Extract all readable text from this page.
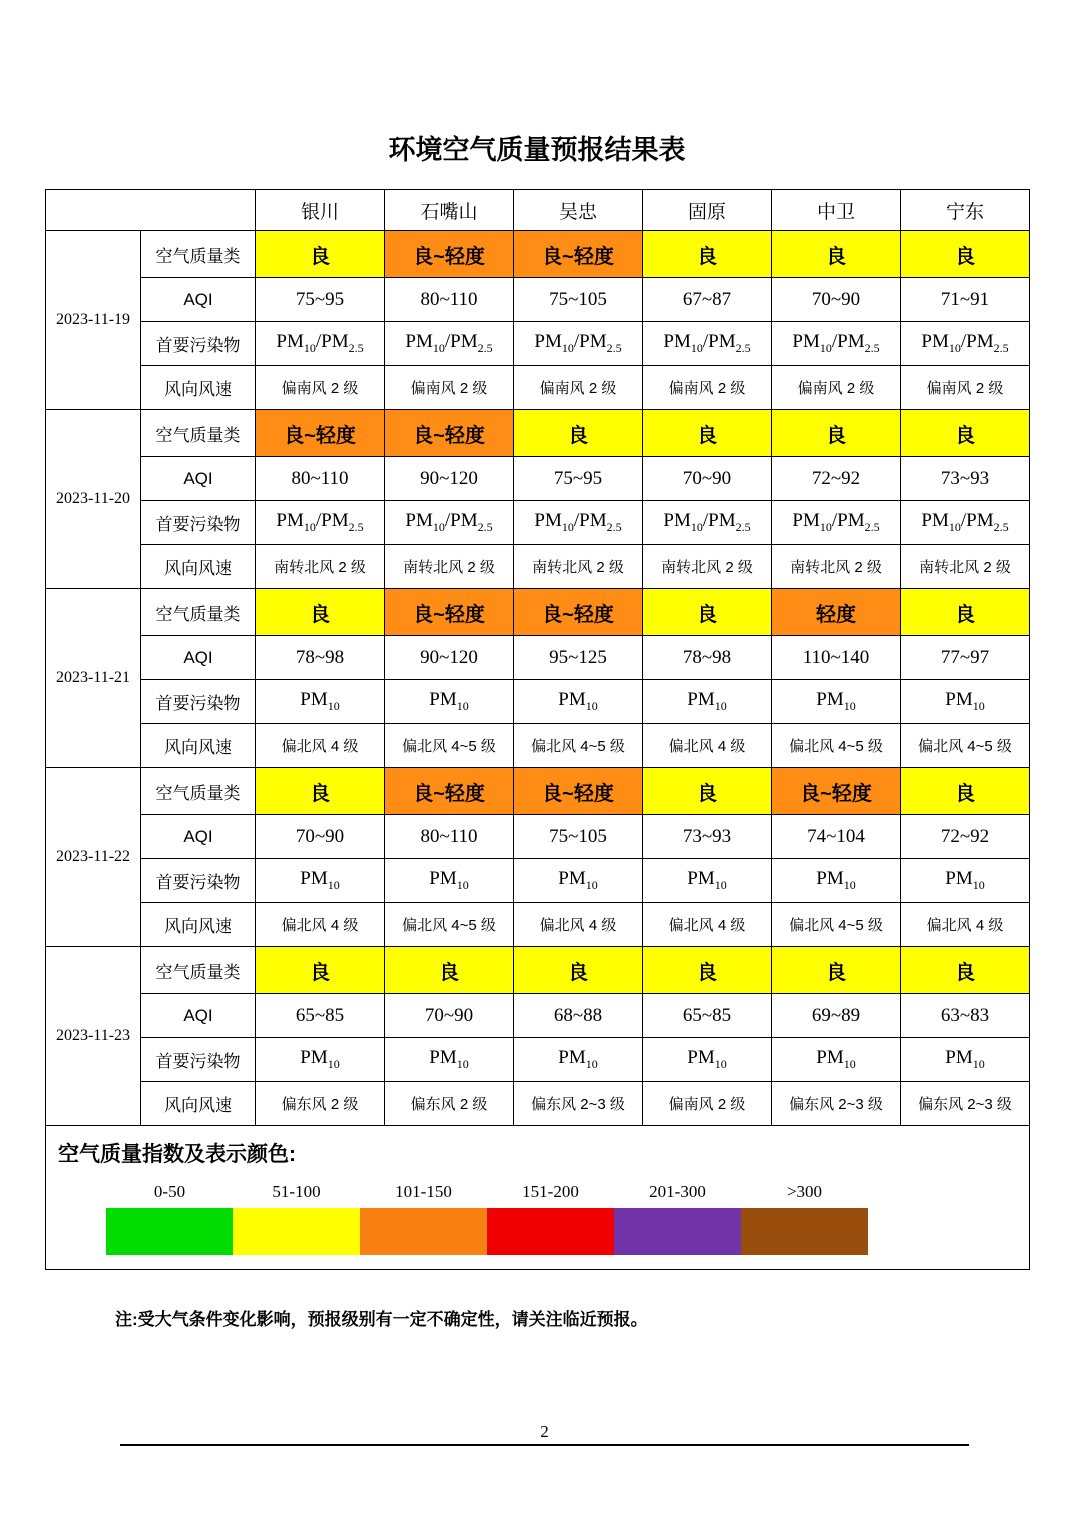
环境空气质量预报结果表
		银川	石嘴山	吴忠	固原	中卫	宁东
2023-11-19	空气质量类	良	良~轻度	良~轻度	良	良	良
	AQI	75~95	80~110	75~105	67~87	70~90	71~91
	首要污染物	$PM_{10}/PM_{2.5}$	$PM_{10}/PM_{2.5}$	$PM_{10}/PM_{2.5}$	$PM_{10}/PM_{2.5}$	$PM_{10}/PM_{2.5}$	$PM_{10}/PM_{2.5}$
	风向风速	偏南风 2 级	偏南风 2 级	偏南风 2 级	偏南风 2 级	偏南风 2 级	偏南风 2 级
2023-11-20	空气质量类	良~轻度	良~轻度	良	良	良	良
	AQI	80~110	90~120	75~95	70~90	72~92	73~93
	首要污染物	$PM_{10}/PM_{2.5}$	$PM_{10}/PM_{2.5}$	$PM_{10}/PM_{2.5}$	$PM_{10}/PM_{2.5}$	$PM_{10}/PM_{2.5}$	$PM_{10}/PM_{2.5}$
	风向风速	南转北风 2 级	南转北风 2 级	南转北风 2 级	南转北风 2 级	南转北风 2 级	南转北风 2 级
2023-11-21	空气质量类	良	良~轻度	良~轻度	良	轻度	良
	AQI	78~98	90~120	95~125	78~98	110~140	77~97
	首要污染物	$PM_{10}$	$PM_{10}$	$PM_{10}$	$PM_{10}$	$PM_{10}$	$PM_{10}$
	风向风速	偏北风 4 级	偏北风 4~5 级	偏北风 4~5 级	偏北风 4 级	偏北风 4~5 级	偏北风 4~5 级
2023-11-22	空气质量类	良	良~轻度	良~轻度	良	良~轻度	良
	AQI	70~90	80~110	75~105	73~93	74~104	72~92
	首要污染物	$PM_{10}$	$PM_{10}$	$PM_{10}$	$PM_{10}$	$PM_{10}$	$PM_{10}$
	风向风速	偏北风 4 级	偏北风 4~5 级	偏北风 4 级	偏北风 4 级	偏北风 4~5 级	偏北风 4 级
2023-11-23	空气质量类	良	良	良	良	良	良
	AQI	65~85	70~90	68~88	65~85	69~89	63~83
	首要污染物	$PM_{10}$	$PM_{10}$	$PM_{10}$	$PM_{10}$	$PM_{10}$	$PM_{10}$
	风向风速	偏东风 2 级	偏东风 2 级	偏东风 2~3 级	偏南风 2 级	偏东风 2~3 级	偏东风 2~3 级
空气质量指数及表示颜色:
0-50	51-100	101-150	151-200	201-300	>300

注:受大气条件变化影响，预报级别有一定不确定性，请关注临近预报。

2
